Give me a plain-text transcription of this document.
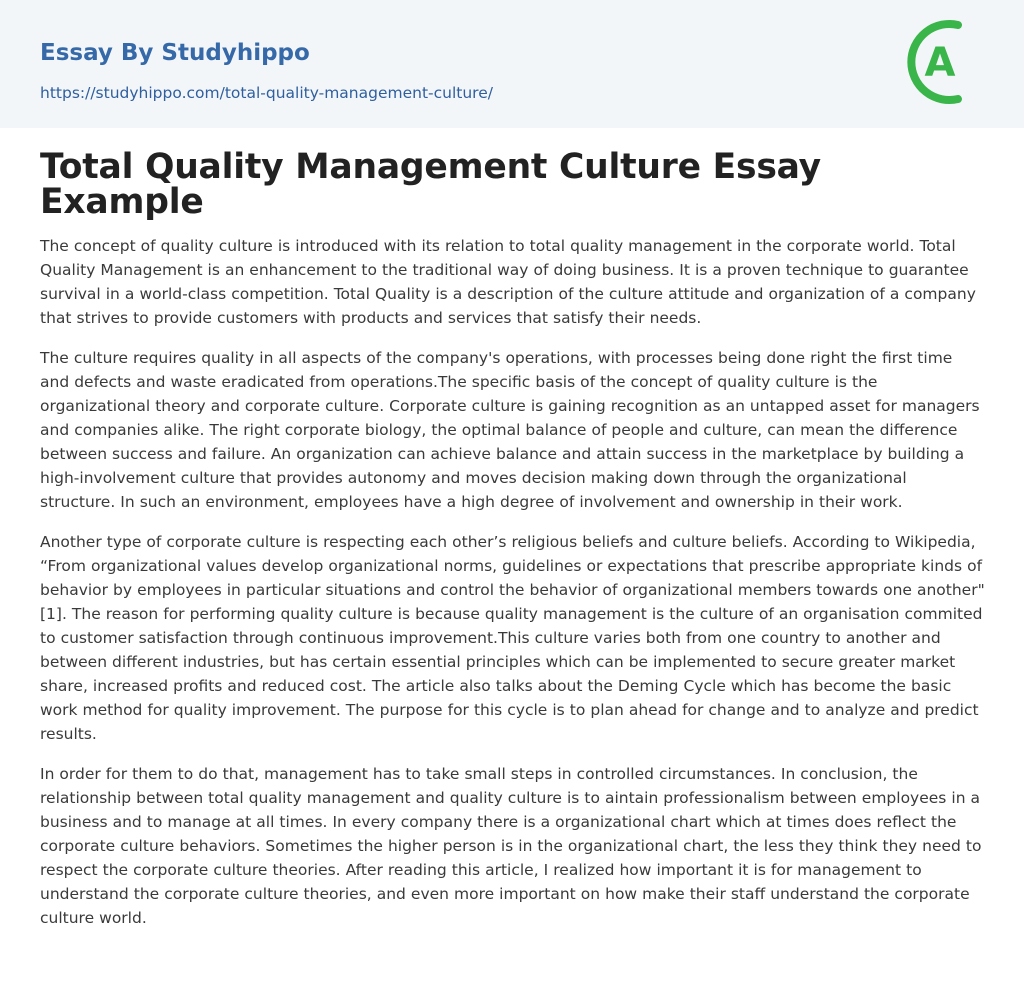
Essay By Studyhippo
https://studyhippo.com/total-quality-management-culture/
A
Total Quality Management Culture Essay Example

The concept of quality culture is introduced with its relation to total quality management in the corporate world. Total Quality Management is an enhancement to the traditional way of doing business. It is a proven technique to guarantee survival in a world-class competition. Total Quality is a description of the culture attitude and organization of a company that strives to provide customers with products and services that satisfy their needs.

The culture requires quality in all aspects of the company's operations, with processes being done right the first time and defects and waste eradicated from operations.The specific basis of the concept of quality culture is the organizational theory and corporate culture. Corporate culture is gaining recognition as an untapped asset for managers and companies alike. The right corporate biology, the optimal balance of people and culture, can mean the difference between success and failure. An organization can achieve balance and attain success in the marketplace by building a high-involvement culture that provides autonomy and moves decision making down through the organizational structure. In such an environment, employees have a high degree of involvement and ownership in their work.

Another type of corporate culture is respecting each other’s religious beliefs and culture beliefs. According to Wikipedia, “From organizational values develop organizational norms, guidelines or expectations that prescribe appropriate kinds of behavior by employees in particular situations and control the behavior of organizational members towards one another"[1]. The reason for performing quality culture is because quality management is the culture of an organisation commited to customer satisfaction through continuous improvement.This culture varies both from one country to another and between different industries, but has certain essential principles which can be implemented to secure greater market share, increased profits and reduced cost. The article also talks about the Deming Cycle which has become the basic work method for quality improvement. The purpose for this cycle is to plan ahead for change and to analyze and predict results.

In order for them to do that, management has to take small steps in controlled circumstances. In conclusion, the relationship between total quality management and quality culture is to aintain professionalism between employees in a business and to manage at all times. In every company there is a organizational chart which at times does reflect the corporate culture behaviors. Sometimes the higher person is in the organizational chart, the less they think they need to respect the corporate culture theories. After reading this article, I realized how important it is for management to understand the corporate culture theories, and even more important on how make their staff understand the corporate culture world.
